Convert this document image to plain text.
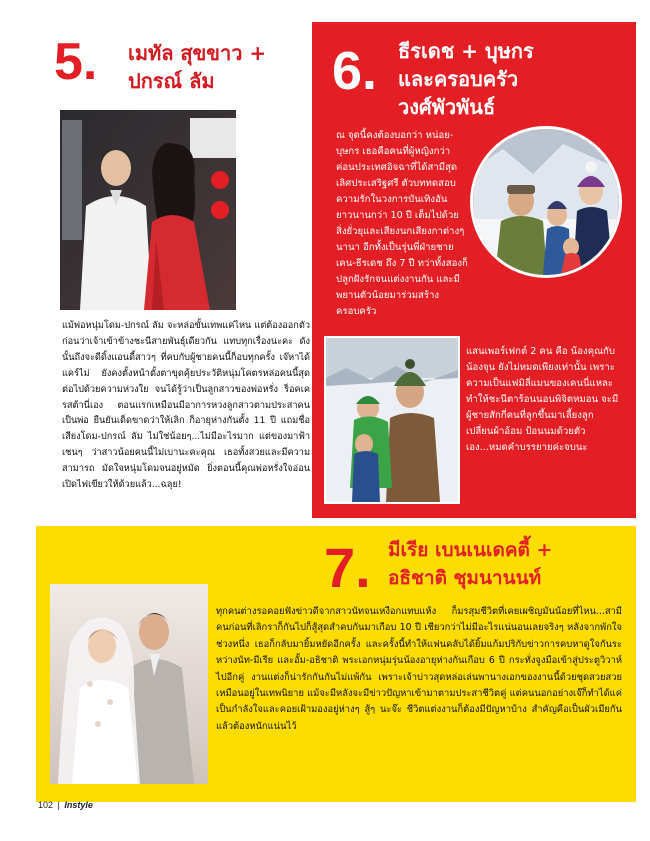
5. เมทัล สุขขาว +
ปกรณ์ ลัม
แม้พ่อหนุ่มโดม-ปกรณ์ ลัม จะหล่อขั้นเทพแค่ไหน แต่ต้องออกตัวก่อนว่าเจ้าเข้าข้างชะนีสายพันธุ์เดียวกัน แทบทุกเรื่องนะคะ ดังนั้นถึงจะดีดิ้งแอนดี้สาวๆ ที่คบกับผู้ชายคนนี้ก็อบทุกครั้ง เจ๊หาได้แคร์ไม่ ยังคงตั้งหน้าตั้งตาขุดคุ้ยประวัติหนุ่มโคตรหล่อคนนี้สุดต่อไปด้วยความห่วงใย จนได้รู้ว่าเป็นลูกสาวของพ่อหรั่ง ร็อคเครสต้านี่เอง ตอนแรกเหมือนมีอาการหวงลูกสาวตามประสาคนเป็นพ่อ ยืนยันเด็ดขาดว่าให้เลิก ก็อายุห่างกันตั้ง 11 ปี แถมชื่อเสียงโดม-ปกรณ์ ลัม ไม่ใช่น้อยๆ...ไม่มีอะไรมาก แต่ของมาฟ้าเชนๆ ว่าสาวน้อยคนนี้ไม่เบานะคะคุณ เธอทั้งสวยและมีความสามารถ มัดใจหนุ่มโดมจนอยู่หมัด ยิ่งตอนนี้คุณพ่อหรั่งใจอ่อนเปิดไฟเขียวให้ด้วยแล้ว...ฉลุย!
6. ธีรเดช + บุษกร
และครอบครัว
วงศ์พัวพันธ์
ณ จุดนี้คงต้องบอกว่า หน่อย-บุษกร เธอคือคนที่ผู้หญิงกว่าค่อนประเทศอิจฉาที่ได้สามีสุดเลิศประเสริฐศรี ตัวบททดสอบความรักในวงการบันเทิงอันยาวนานกว่า 10 ปี เต็มไปด้วยสิ่งยั่วยุและเสียงนกเสียงกาต่างๆ นานา อีกทั้งเป็นรุ่นพี่ฝ่ายชาย เคน-ธีรเดช ถึง 7 ปี ทว่าทั้งสองก็ปลูกฝังรักจนแต่งงานกัน และมีพยานตัวน้อยมาร่วมสร้างครอบครัว
แสนเพอร์เฟกต์ 2 คน คือ น้องคุณกับน้องจุน ยังไม่หมดเพียงเท่านั้น เพราะความเป็นแฟมิลี่แมนของเคนนี่แหละทำให้ชะนีตาร้อนนอนพิจิตหมอน จะมีผู้ชายสักกี่คนที่ลูกขึ้นมาเลี้ยงลูก เปลี่ยนผ้าอ้อม ป้อนนมด้วยตัวเอง...หมดคำบรรยายค่ะจบนะ
7. มีเรีย เบนเนเดคตี้ +
อธิชาติ ชุมนานนท์
ทุกคนต่างรอคอยฟังข่าวดีจากสาวนัทจนเหงือกแทบแห้ง ก็มรสุมชีวิตที่เคยเผชิญมันน้อยที่ไหน...สามีคนก่อนที่เลิกราก็กันไปก็สู้สุดสำคบกันมาเกือบ 10 ปี เชียวกว่าไม่มีอะไรแน่นอนเลยจริงๆ หลังจากพักใจช่วงหนึ่ง เธอก็กลับมายิ้มหยัดอีกครั้ง และครั้งนี้ทำให้แฟนคลับได้ยิ้มแก้มปริกับข่าวการคบหาดูใจกันระหว่างนัท-มีเรีย และอั้ม-อธิชาติ พระเอกหนุ่มรุ่นน้องอายุห่างกันเกือบ 6 ปี กระทั่งจูงมือเข้าสู่ประตูวิวาห์ไปอีกคู่ งานแต่งก็น่ารักกันกันไม่แพ้กัน เพราะเจ้าบ่าวสุดหล่อเล่นพานางเอกของงานนี้ด้วยชุดสวยสวยเหมือนอยู่ในเทพนิยาย แม้จะมีหลังจะมีข่าวปัญหาเข้ามาตามประสาชีวิตคู่ แต่คนนอกอย่างเจ๊ก็ทำได้แค่เป็นกำลังใจและคอยเฝ้ามองอยู่ห่างๆ สู้ๆ นะจ๊ะ ชีวิตแต่งงานก็ต้องมีปัญหาบ้าง สำคัญคือเป็นผัวเมียกันแล้วต้องหนักแน่นไว้
102 | Instyle
